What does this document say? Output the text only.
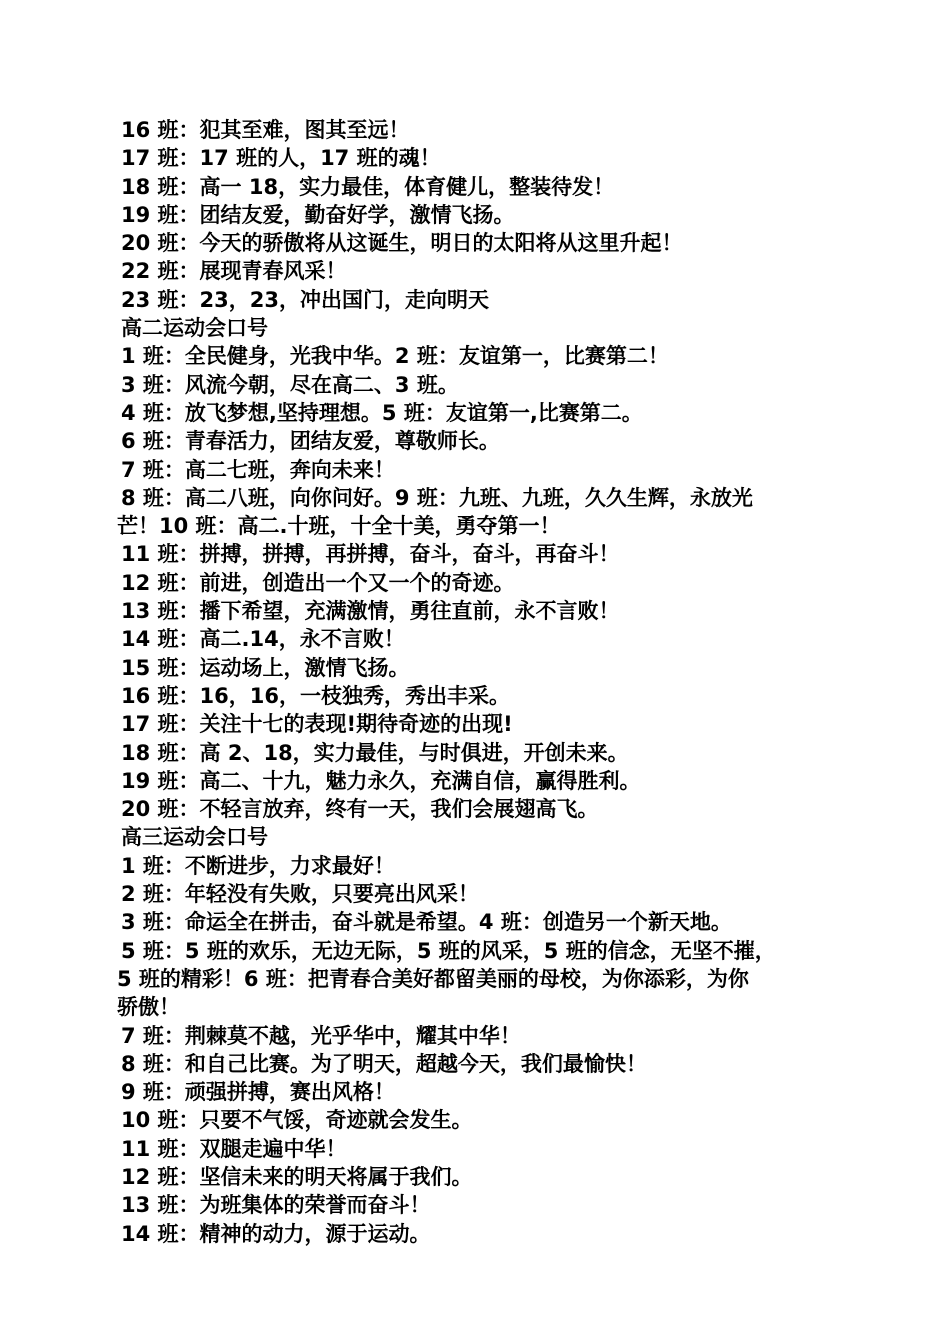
16 班：犯其至难，图其至远！
17 班：17 班的人，17 班的魂！
18 班：高一 18，实力最佳，体育健儿，整装待发！
19 班：团结友爱，勤奋好学，激情飞扬。
20 班：今天的骄傲将从这诞生，明日的太阳将从这里升起！
22 班：展现青春风采！
23 班：23，23，冲出国门，走向明天
高二运动会口号
1 班：全民健身，光我中华。2 班：友谊第一，比赛第二！
3 班：风流今朝，尽在高二、3 班。
4 班：放飞梦想,坚持理想。5 班：友谊第一,比赛第二。
6 班：青春活力，团结友爱，尊敬师长。
7 班：高二七班，奔向未来！
8 班：高二八班，向你问好。9 班：九班、九班，久久生辉，永放光
芒！10 班：高二.十班，十全十美，勇夺第一！
11 班：拼搏，拼搏，再拼搏，奋斗，奋斗，再奋斗！
12 班：前进，创造出一个又一个的奇迹。
13 班：播下希望，充满激情，勇往直前，永不言败！
14 班：高二.14，永不言败！
15 班：运动场上，激情飞扬。
16 班：16，16，一枝独秀，秀出丰采。
17 班：关注十七的表现!期待奇迹的出现!
18 班：高 2、18，实力最佳，与时俱进，开创未来。
19 班：高二、十九，魅力永久，充满自信，赢得胜利。
20 班：不轻言放弃，终有一天，我们会展翅高飞。
高三运动会口号
1 班：不断进步，力求最好！
2 班：年轻没有失败，只要亮出风采！
3 班：命运全在拼击，奋斗就是希望。4 班：创造另一个新天地。
5 班：5 班的欢乐，无边无际，5 班的风采，5 班的信念，无坚不摧，
5 班的精彩！6 班：把青春合美好都留美丽的母校，为你添彩，为你
骄傲！
7 班：荆棘莫不越，光乎华中，耀其中华！
8 班：和自己比赛。为了明天，超越今天，我们最愉快！
9 班：顽强拼搏，赛出风格！
10 班：只要不气馁，奇迹就会发生。
11 班：双腿走遍中华！
12 班：坚信未来的明天将属于我们。
13 班：为班集体的荣誉而奋斗！
14 班：精神的动力，源于运动。
